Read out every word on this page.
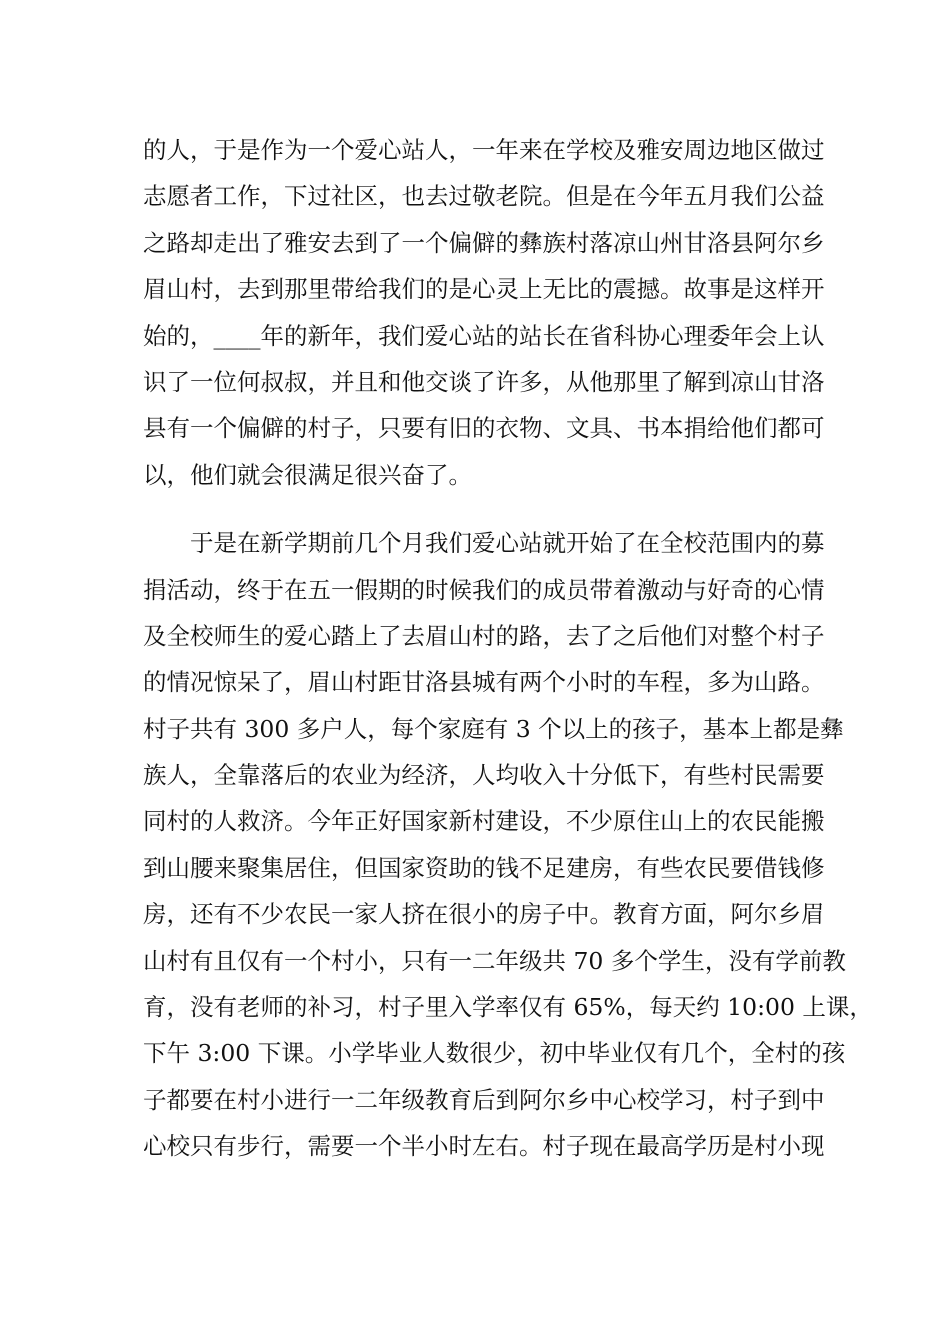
的人，于是作为一个爱心站人，一年来在学校及雅安周边地区做过
志愿者工作，下过社区，也去过敬老院。但是在今年五月我们公益
之路却走出了雅安去到了一个偏僻的彝族村落凉山州甘洛县阿尔乡
眉山村，去到那里带给我们的是心灵上无比的震撼。故事是这样开
始的，____年的新年，我们爱心站的站长在省科协心理委年会上认
识了一位何叔叔，并且和他交谈了许多，从他那里了解到凉山甘洛
县有一个偏僻的村子，只要有旧的衣物、文具、书本捐给他们都可
以，他们就会很满足很兴奋了。
　　于是在新学期前几个月我们爱心站就开始了在全校范围内的募
捐活动，终于在五一假期的时候我们的成员带着激动与好奇的心情
及全校师生的爱心踏上了去眉山村的路，去了之后他们对整个村子
的情况惊呆了，眉山村距甘洛县城有两个小时的车程，多为山路。
村子共有 300 多户人，每个家庭有 3 个以上的孩子，基本上都是彝
族人，全靠落后的农业为经济，人均收入十分低下，有些村民需要
同村的人救济。今年正好国家新村建设，不少原住山上的农民能搬
到山腰来聚集居住，但国家资助的钱不足建房，有些农民要借钱修
房，还有不少农民一家人挤在很小的房子中。教育方面，阿尔乡眉
山村有且仅有一个村小，只有一二年级共 70 多个学生，没有学前教
育，没有老师的补习，村子里入学率仅有 65%，每天约 10:00 上课，
下午 3:00 下课。小学毕业人数很少，初中毕业仅有几个，全村的孩
子都要在村小进行一二年级教育后到阿尔乡中心校学习，村子到中
心校只有步行，需要一个半小时左右。村子现在最高学历是村小现
